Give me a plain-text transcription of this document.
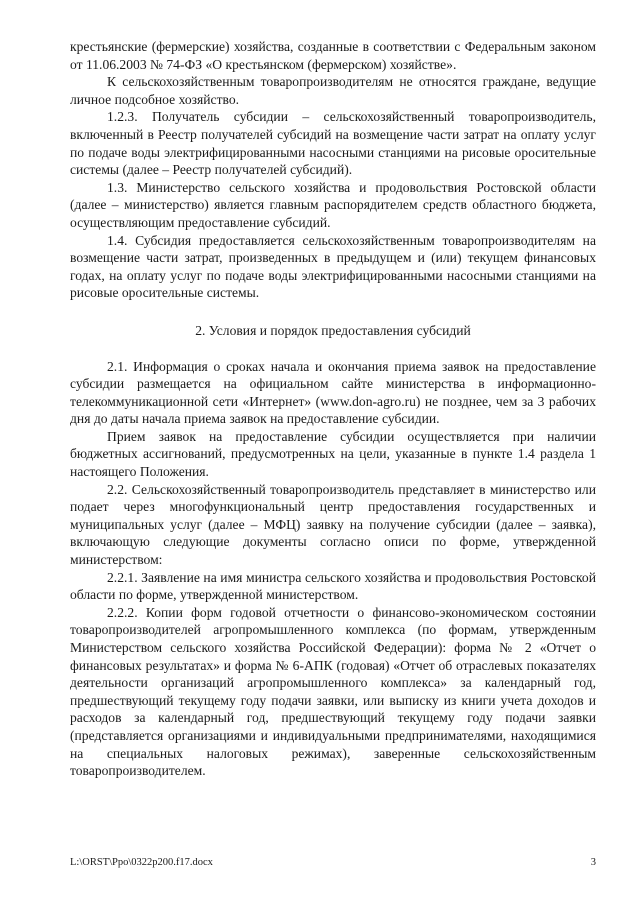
крестьянские (фермерские) хозяйства, созданные в соответствии с Федеральным законом от 11.06.2003 № 74-ФЗ «О крестьянском (фермерском) хозяйстве».

К сельскохозяйственным товаропроизводителям не относятся граждане, ведущие личное подсобное хозяйство.

1.2.3. Получатель субсидии – сельскохозяйственный товаропроизводитель, включенный в Реестр получателей субсидий на возмещение части затрат на оплату услуг по подаче воды электрифицированными насосными станциями на рисовые оросительные системы (далее – Реестр получателей субсидий).

1.3. Министерство сельского хозяйства и продовольствия Ростовской области (далее – министерство) является главным распорядителем средств областного бюджета, осуществляющим предоставление субсидий.

1.4. Субсидия предоставляется сельскохозяйственным товаропроизводителям на возмещение части затрат, произведенных в предыдущем и (или) текущем финансовых годах, на оплату услуг по подаче воды электрифицированными насосными станциями на рисовые оросительные системы.

2. Условия и порядок предоставления субсидий

2.1. Информация о сроках начала и окончания приема заявок на предоставление субсидии размещается на официальном сайте министерства в информационно-телекоммуникационной сети «Интернет» (www.don-agro.ru) не позднее, чем за 3 рабочих дня до даты начала приема заявок на предоставление субсидии.

Прием заявок на предоставление субсидии осуществляется при наличии бюджетных ассигнований, предусмотренных на цели, указанные в пункте 1.4 раздела 1 настоящего Положения.

2.2. Сельскохозяйственный товаропроизводитель представляет в министерство или подает через многофункциональный центр предоставления государственных и муниципальных услуг (далее – МФЦ) заявку на получение субсидии (далее – заявка), включающую следующие документы согласно описи по форме, утвержденной министерством:

2.2.1. Заявление на имя министра сельского хозяйства и продовольствия Ростовской области по форме, утвержденной министерством.

2.2.2. Копии форм годовой отчетности о финансово-экономическом состоянии товаропроизводителей агропромышленного комплекса (по формам, утвержденным Министерством сельского хозяйства Российской Федерации): форма № 2 «Отчет о финансовых результатах» и форма № 6-АПК (годовая) «Отчет об отраслевых показателях деятельности организаций агропромышленного комплекса» за календарный год, предшествующий текущему году подачи заявки, или выписку из книги учета доходов и расходов за календарный год, предшествующий текущему году подачи заявки (представляется организациями и индивидуальными предпринимателями, находящимися на специальных налоговых режимах), заверенные сельскохозяйственным товаропроизводителем.

L:\ORST\Ppo\0322p200.f17.docx	3
